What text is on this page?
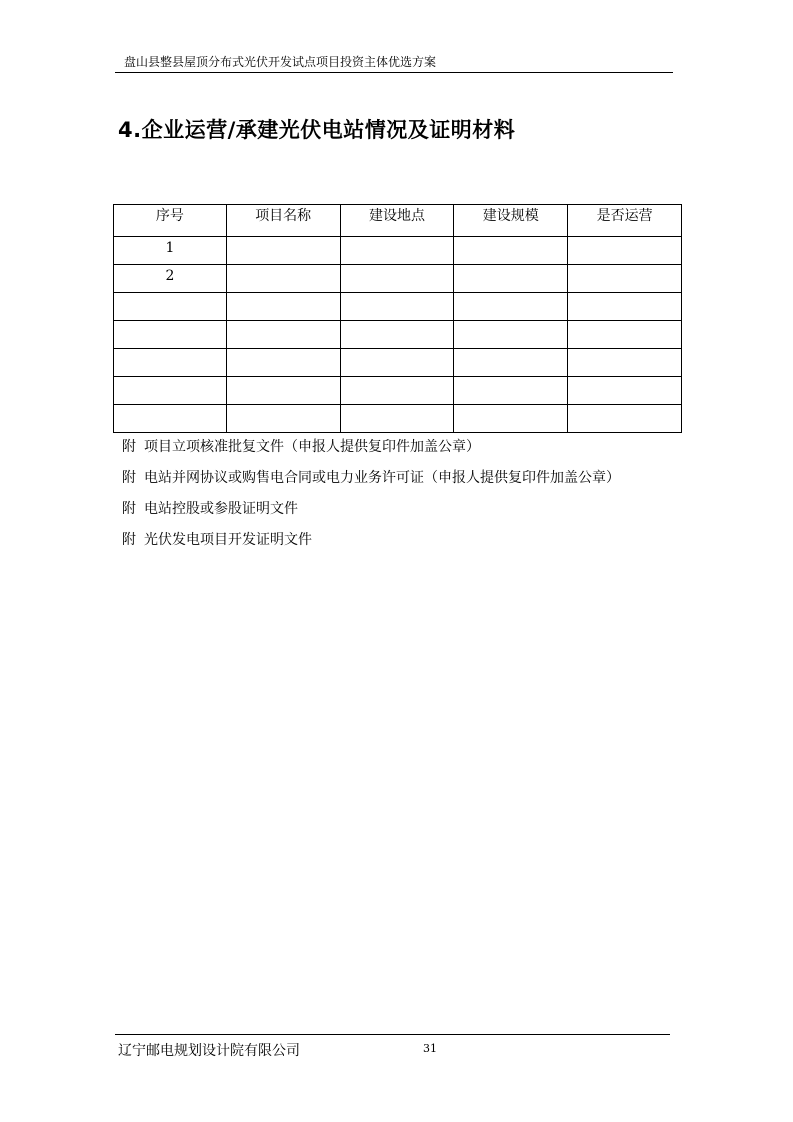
盘山县整县屋顶分布式光伏开发试点项目投资主体优选方案
4.企业运营/承建光伏电站情况及证明材料
序号	项目名称	建设地点	建设规模	是否运营
1				
2				

附 项目立项核准批复文件（申报人提供复印件加盖公章）
附 电站并网协议或购售电合同或电力业务许可证（申报人提供复印件加盖公章）
附 电站控股或参股证明文件
附 光伏发电项目开发证明文件
辽宁邮电规划设计院有限公司	31
